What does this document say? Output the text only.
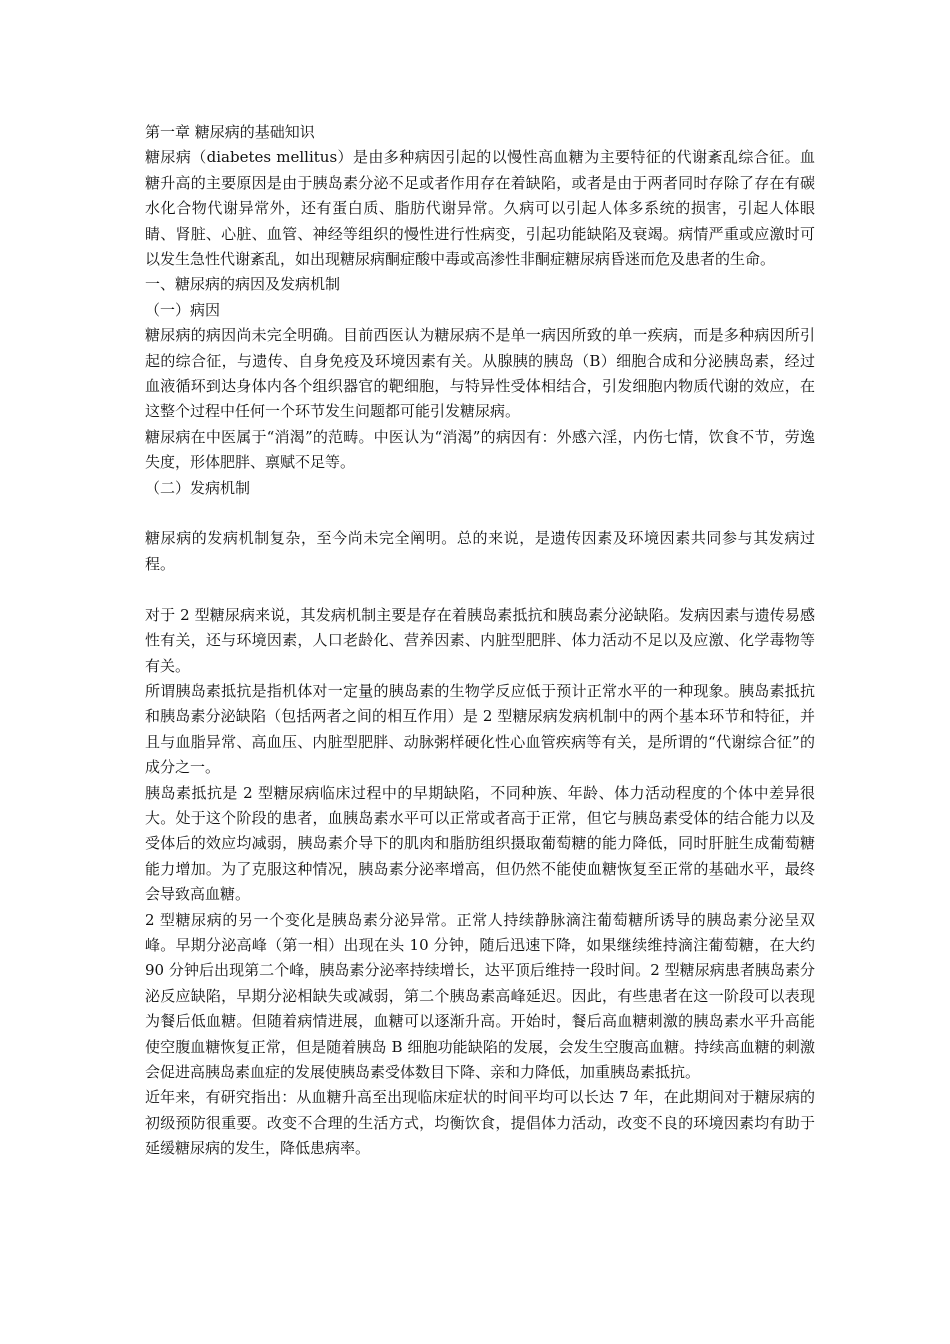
第一章 糖尿病的基础知识

糖尿病（diabetes mellitus）是由多种病因引起的以慢性高血糖为主要特征的代谢紊乱综合征。血糖升高的主要原因是由于胰岛素分泌不足或者作用存在着缺陷，或者是由于两者同时存除了存在有碳水化合物代谢异常外，还有蛋白质、脂肪代谢异常。久病可以引起人体多系统的损害，引起人体眼睛、肾脏、心脏、血管、神经等组织的慢性进行性病变，引起功能缺陷及衰竭。病情严重或应激时可以发生急性代谢紊乱，如出现糖尿病酮症酸中毒或高渗性非酮症糖尿病昏迷而危及患者的生命。

一、糖尿病的病因及发病机制

（一）病因

糖尿病的病因尚未完全明确。目前西医认为糖尿病不是单一病因所致的单一疾病，而是多种病因所引起的综合征，与遗传、自身免疫及环境因素有关。从腺胰的胰岛（B）细胞合成和分泌胰岛素，经过血液循环到达身体内各个组织器官的靶细胞，与特异性受体相结合，引发细胞内物质代谢的效应，在这整个过程中任何一个环节发生问题都可能引发糖尿病。

糖尿病在中医属于“消渴”的范畴。中医认为“消渴”的病因有：外感六淫，内伤七情，饮食不节，劳逸失度，形体肥胖、禀赋不足等。

（二）发病机制

糖尿病的发病机制复杂，至今尚未完全阐明。总的来说，是遗传因素及环境因素共同参与其发病过程。

对于 2 型糖尿病来说，其发病机制主要是存在着胰岛素抵抗和胰岛素分泌缺陷。发病因素与遗传易感性有关，还与环境因素，人口老龄化、营养因素、内脏型肥胖、体力活动不足以及应激、化学毒物等有关。

所谓胰岛素抵抗是指机体对一定量的胰岛素的生物学反应低于预计正常水平的一种现象。胰岛素抵抗和胰岛素分泌缺陷（包括两者之间的相互作用）是 2 型糖尿病发病机制中的两个基本环节和特征，并且与血脂异常、高血压、内脏型肥胖、动脉粥样硬化性心血管疾病等有关，是所谓的“代谢综合征”的成分之一。

胰岛素抵抗是 2 型糖尿病临床过程中的早期缺陷，不同种族、年龄、体力活动程度的个体中差异很大。处于这个阶段的患者，血胰岛素水平可以正常或者高于正常，但它与胰岛素受体的结合能力以及受体后的效应均减弱，胰岛素介导下的肌肉和脂肪组织摄取葡萄糖的能力降低，同时肝脏生成葡萄糖能力增加。为了克服这种情况，胰岛素分泌率增高，但仍然不能使血糖恢复至正常的基础水平，最终会导致高血糖。

2 型糖尿病的另一个变化是胰岛素分泌异常。正常人持续静脉滴注葡萄糖所诱导的胰岛素分泌呈双峰。早期分泌高峰（第一相）出现在头 10 分钟，随后迅速下降，如果继续维持滴注葡萄糖，在大约 90 分钟后出现第二个峰，胰岛素分泌率持续增长，达平顶后维持一段时间。2 型糖尿病患者胰岛素分泌反应缺陷，早期分泌相缺失或减弱，第二个胰岛素高峰延迟。因此，有些患者在这一阶段可以表现为餐后低血糖。但随着病情进展，血糖可以逐渐升高。开始时，餐后高血糖刺激的胰岛素水平升高能使空腹血糖恢复正常，但是随着胰岛 B 细胞功能缺陷的发展，会发生空腹高血糖。持续高血糖的刺激会促进高胰岛素血症的发展使胰岛素受体数目下降、亲和力降低，加重胰岛素抵抗。

近年来，有研究指出：从血糖升高至出现临床症状的时间平均可以长达 7 年，在此期间对于糖尿病的初级预防很重要。改变不合理的生活方式，均衡饮食，提倡体力活动，改变不良的环境因素均有助于延缓糖尿病的发生，降低患病率。
